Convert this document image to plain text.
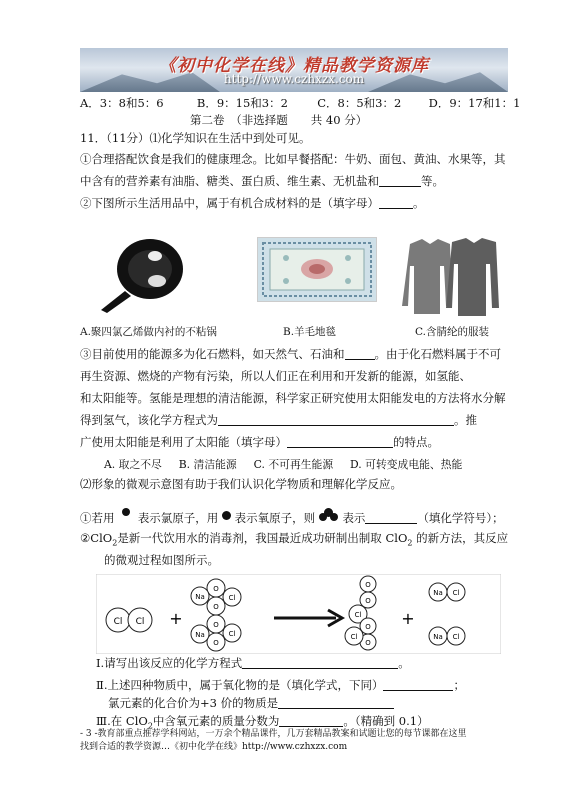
《初中化学在线》精品教学资源库
http://www.czhxzx.com
A．3：8和5：6	B．9：15和3：2	C．8：5和3：2 D．9：17和1：1
第二卷　（非选择题　　共 40 分）
11．（11分）⑴化学知识在生活中到处可见。
①合理搭配饮食是我们的健康理念。比如早餐搭配：牛奶、面包、黄油、水果等，其
中含有的营养素有油脂、糖类、蛋白质、维生素、无机盐和	等。
②下图所示生活用品中，属于有机合成材料的是（填字母）	。
A.聚四氯乙烯做内衬的不粘锅	B.羊毛地毯	C.含腈纶的服装
③目前使用的能源多为化石燃料，如天然气、石油和	。由于化石燃料属于不可
再生资源、燃烧的产物有污染，所以人们正在利用和开发新的能源，如氢能、
和太阳能等。氢能是理想的清洁能源，科学家正研究使用太阳能发电的方法将水分解
得到氢气，该化学方程式为	。推
广使用太阳能是利用了太阳能（填字母）	的特点。
A. 取之不尽 B. 清洁能源 C. 不可再生能源 D. 可转变成电能、热能
⑵形象的微观示意图有助于我们认识化学物质和理解化学反应。
①若用 表示氯原子，用 表示氧原子，则 表示	（填化学符号）；
②ClO$_2$是新一代饮用水的消毒剂，我国最近成功研制出制取 ClO$_2$ 的新方法，其反应
的微观过程如图所示。
Cl Cl +
O
O
Cl
Na
O
O
Cl
Na
O
O
Cl
O
O
Cl
+
Na Cl
Na Cl
Ⅰ.请写出该反应的化学方程式	。
Ⅱ.上述四种物质中，属于氧化物的是（填化学式，下同）	；
氯元素的化合价为+3 价的物质是
Ⅲ.在 ClO$_2$中含氧元素的质量分数为	。（精确到 0.1）
- 3 -教育部重点推荐学科网站，一万余个精品课件，几万套精品教案和试题让您的每节课都在这里
找到合适的教学资源…《初中化学在线》http://www.czhxzx.com
